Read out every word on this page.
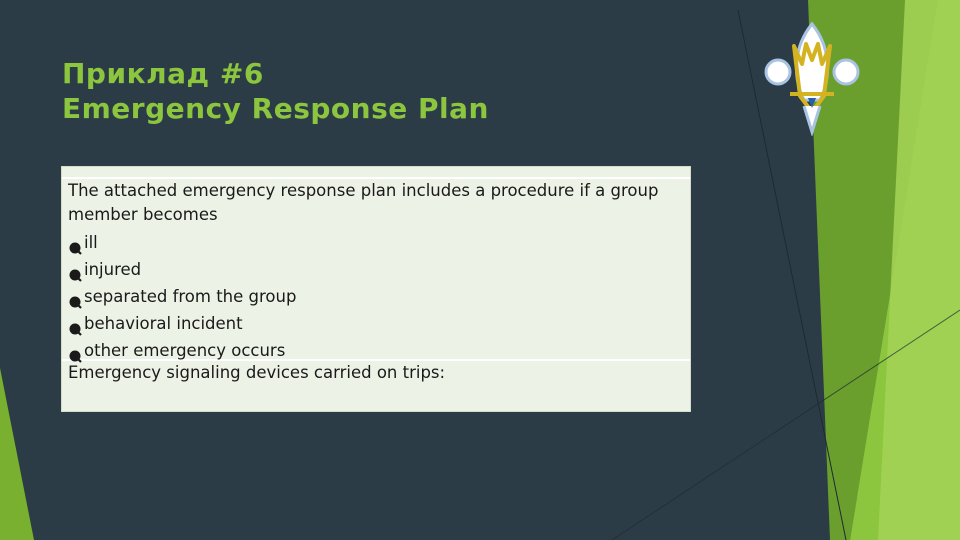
Приклад #6
Emergency Response Plan
The attached emergency response plan includes a procedure if a group member becomes
ill
injured
separated from the group
behavioral incident
other emergency occurs
Emergency signaling devices carried on trips:
